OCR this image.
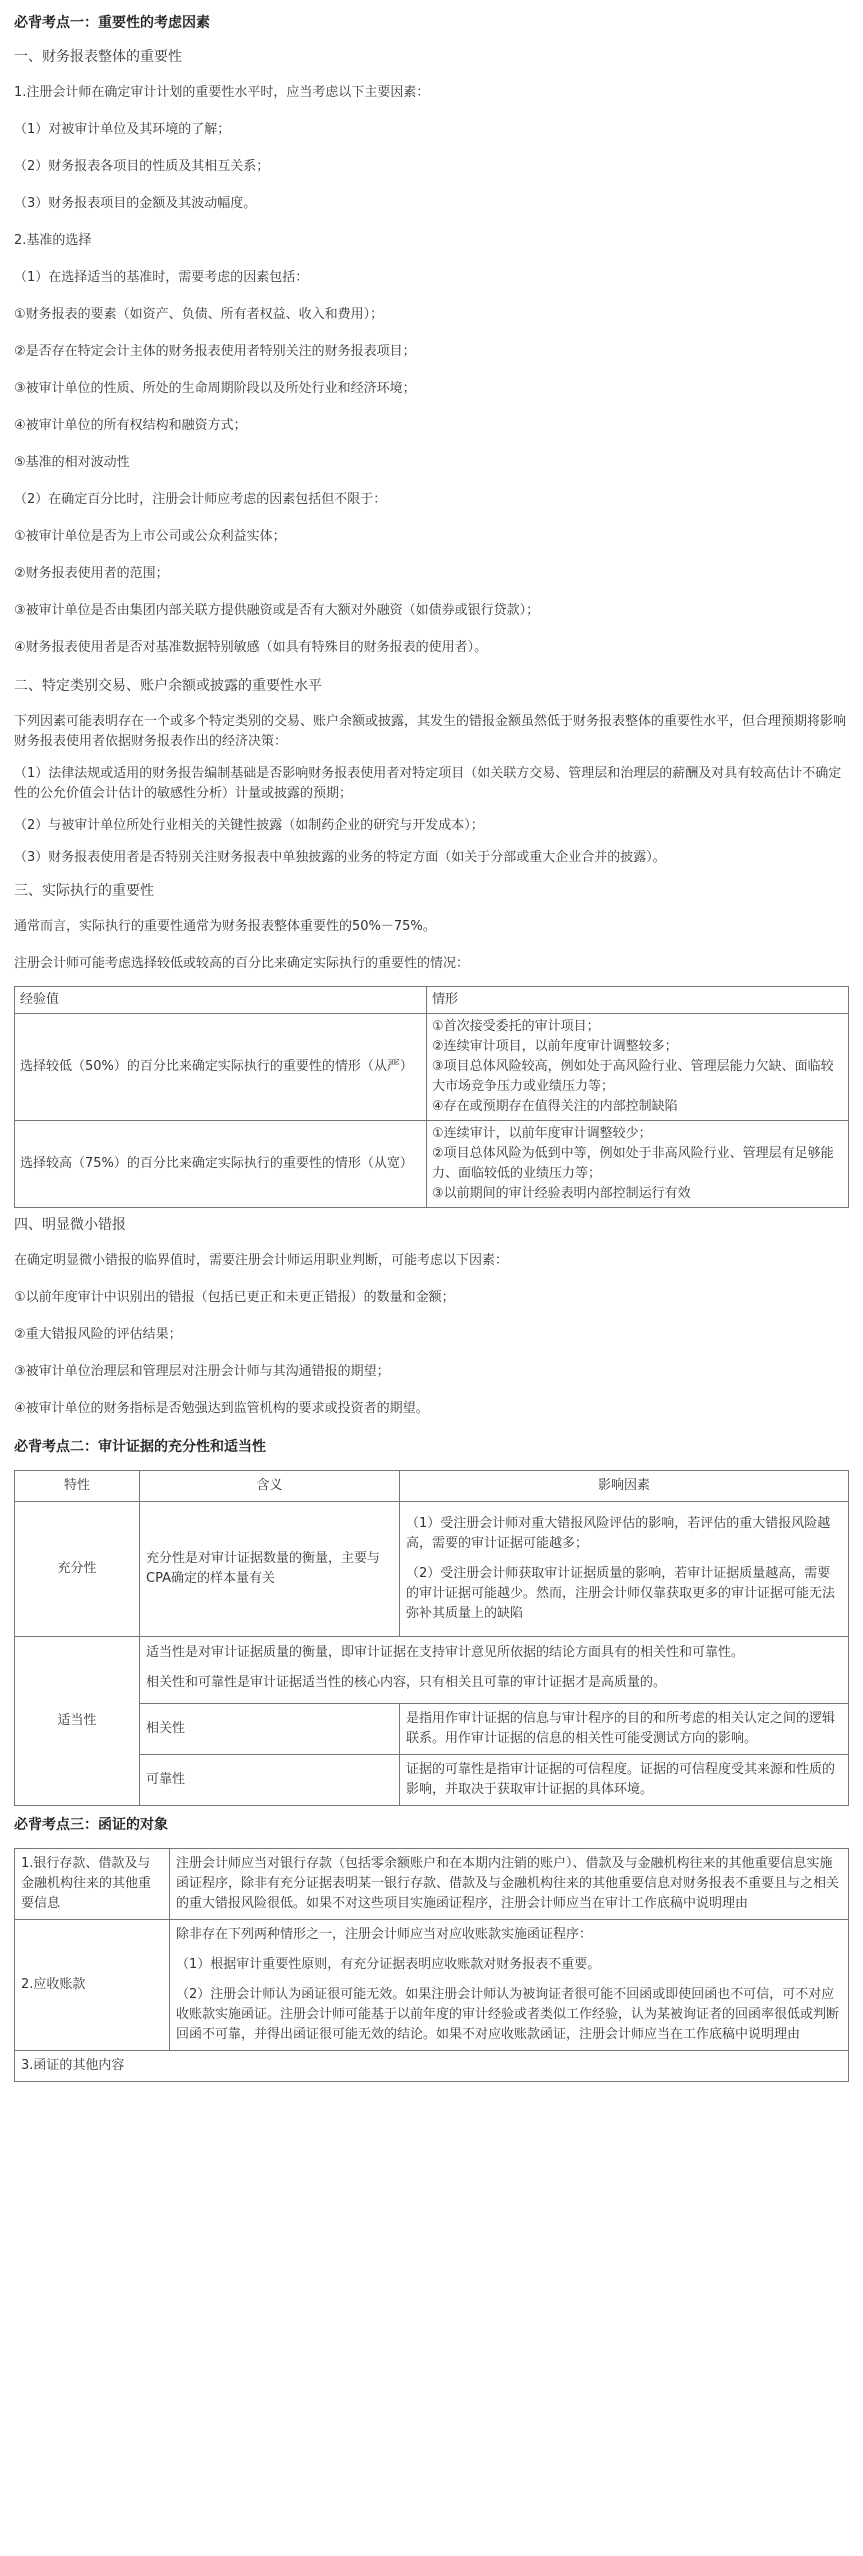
必背考点一：重要性的考虑因素
一、财务报表整体的重要性
1.注册会计师在确定审计计划的重要性水平时，应当考虑以下主要因素：
（1）对被审计单位及其环境的了解；
（2）财务报表各项目的性质及其相互关系；
（3）财务报表项目的金额及其波动幅度。
2.基准的选择
（1）在选择适当的基准时，需要考虑的因素包括：
①财务报表的要素（如资产、负债、所有者权益、收入和费用）；
②是否存在特定会计主体的财务报表使用者特别关注的财务报表项目；
③被审计单位的性质、所处的生命周期阶段以及所处行业和经济环境；
④被审计单位的所有权结构和融资方式；
⑤基准的相对波动性
（2）在确定百分比时，注册会计师应考虑的因素包括但不限于：
①被审计单位是否为上市公司或公众利益实体；
②财务报表使用者的范围；
③被审计单位是否由集团内部关联方提供融资或是否有大额对外融资（如债券或银行贷款）；
④财务报表使用者是否对基准数据特别敏感（如具有特殊目的财务报表的使用者）。
二、特定类别交易、账户余额或披露的重要性水平
下列因素可能表明存在一个或多个特定类别的交易、账户余额或披露，其发生的错报金额虽然低于财务报表整体的重要性水平，但合理预期将影响财务报表使用者依据财务报表作出的经济决策：
（1）法律法规或适用的财务报告编制基础是否影响财务报表使用者对特定项目（如关联方交易、管理层和治理层的薪酬及对具有较高估计不确定性的公允价值会计估计的敏感性分析）计量或披露的预期；
（2）与被审计单位所处行业相关的关键性披露（如制药企业的研究与开发成本）；
（3）财务报表使用者是否特别关注财务报表中单独披露的业务的特定方面（如关于分部或重大企业合并的披露）。
三、实际执行的重要性
通常而言，实际执行的重要性通常为财务报表整体重要性的50%－75%。
注册会计师可能考虑选择较低或较高的百分比来确定实际执行的重要性的情况：
经验值	情形
选择较低（50%）的百分比来确定实际执行的重要性的情形（从严）	①首次接受委托的审计项目；
②连续审计项目，以前年度审计调整较多；
③项目总体风险较高，例如处于高风险行业、管理层能力欠缺、面临较大市场竞争压力或业绩压力等；
④存在或预期存在值得关注的内部控制缺陷

选择较高（75%）的百分比来确定实际执行的重要性的情形（从宽）	①连续审计，以前年度审计调整较少；
②项目总体风险为低到中等，例如处于非高风险行业、管理层有足够能力、面临较低的业绩压力等；
③以前期间的审计经验表明内部控制运行有效
四、明显微小错报
在确定明显微小错报的临界值时，需要注册会计师运用职业判断，可能考虑以下因素：
①以前年度审计中识别出的错报（包括已更正和未更正错报）的数量和金额；
②重大错报风险的评估结果；
③被审计单位治理层和管理层对注册会计师与其沟通错报的期望；
④被审计单位的财务指标是否勉强达到监管机构的要求或投资者的期望。
必背考点二：审计证据的充分性和适当性
特性	含义	影响因素
充分性	充分性是对审计证据数量的衡量，主要与CPA确定的样本量有关	（1）受注册会计师对重大错报风险评估的影响，若评估的重大错报风险越高，需要的审计证据可能越多；
（2）受注册会计师获取审计证据质量的影响，若审计证据质量越高，需要的审计证据可能越少。然而，注册会计师仅靠获取更多的审计证据可能无法弥补其质量上的缺陷

适当性	适当性是对审计证据质量的衡量，即审计证据在支持审计意见所依据的结论方面具有的相关性和可靠性。
相关性和可靠性是审计证据适当性的核心内容，只有相关且可靠的审计证据才是高质量的。	

	相关性	是指用作审计证据的信息与审计程序的目的和所考虑的相关认定之间的逻辑联系。用作审计证据的信息的相关性可能受测试方向的影响。
	可靠性	证据的可靠性是指审计证据的可信程度。证据的可信程度受其来源和性质的影响，并取决于获取审计证据的具体环境。
必背考点三：函证的对象
1.银行存款、借款及与金融机构往来的其他重要信息	注册会计师应当对银行存款（包括零余额账户和在本期内注销的账户）、借款及与金融机构往来的其他重要信息实施函证程序，除非有充分证据表明某一银行存款、借款及与金融机构往来的其他重要信息对财务报表不重要且与之相关的重大错报风险很低。如果不对这些项目实施函证程序，注册会计师应当在审计工作底稿中说明理由
2.应收账款	除非存在下列两种情形之一，注册会计师应当对应收账款实施函证程序：
（1）根据审计重要性原则，有充分证据表明应收账款对财务报表不重要。
（2）注册会计师认为函证很可能无效。如果注册会计师认为被询证者很可能不回函或即使回函也不可信，可不对应收账款实施函证。注册会计师可能基于以前年度的审计经验或者类似工作经验，认为某被询证者的回函率很低或判断回函不可靠，并得出函证很可能无效的结论。如果不对应收账款函证，注册会计师应当在工作底稿中说明理由

3.函证的其他内容	
